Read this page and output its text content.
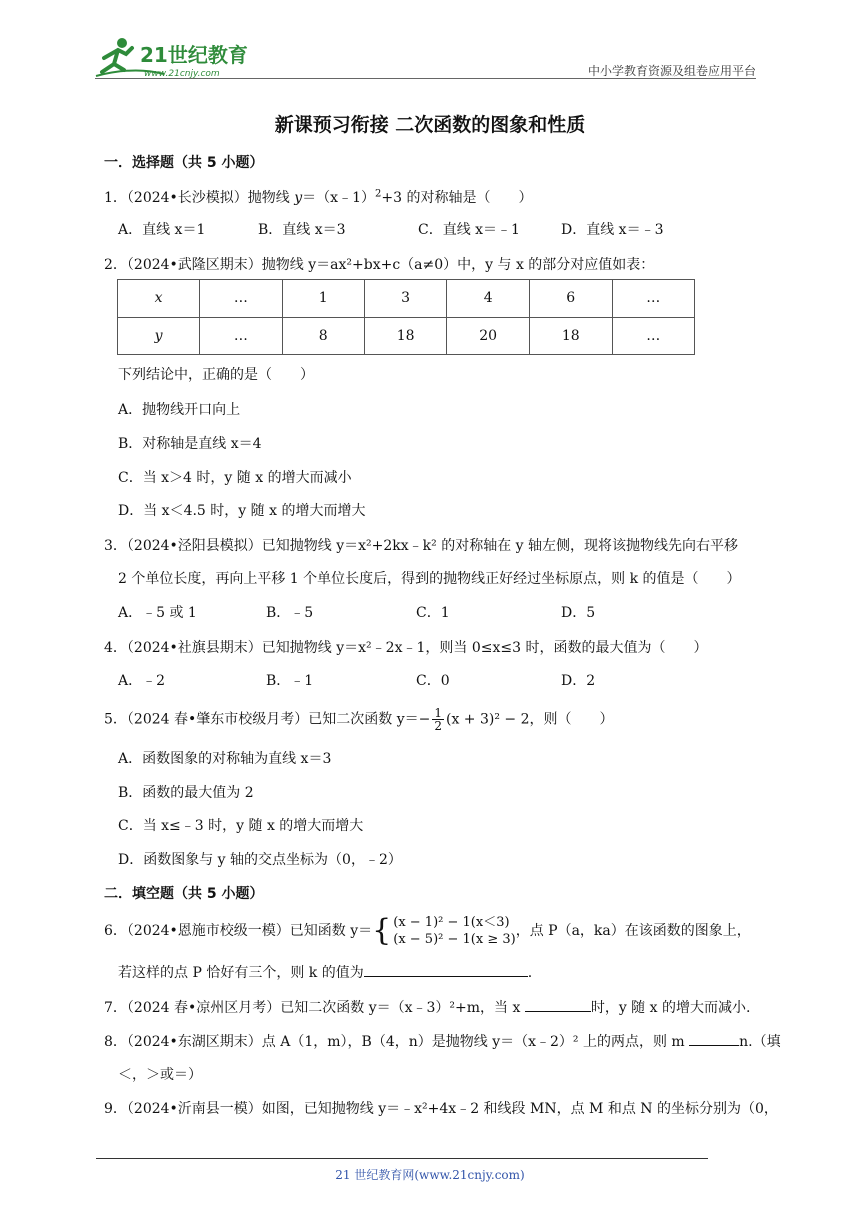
21世纪教育
www.21cnjy.com	中小学教育资源及组卷应用平台
新课预习衔接 二次函数的图象和性质
一．选择题（共 5 小题）
1．（2024•长沙模拟）抛物线 y＝（x﹣1）$^2$+3 的对称轴是（　　）
A．直线 x＝1	B．直线 x＝3	C．直线 x＝﹣1	D．直线 x＝﹣3
2．（2024•武隆区期末）抛物线 y＝ax²+bx+c（a≠0）中，y 与 x 的部分对应值如表：
x	…	1	3	4	6	…
y	…	8	18	20	18	…
下列结论中，正确的是（　　）
A．抛物线开口向上
B．对称轴是直线 x＝4
C．当 x＞4 时，y 随 x 的增大而减小
D．当 x＜4.5 时，y 随 x 的增大而增大
3．（2024•泾阳县模拟）已知抛物线 y＝x²+2kx﹣k² 的对称轴在 y 轴左侧，现将该抛物线先向右平移
2 个单位长度，再向上平移 1 个单位长度后，得到的抛物线正好经过坐标原点，则 k 的值是（　　）
A．﹣5 或 1	B．﹣5	C．1	D．5
4．（2024•社旗县期末）已知抛物线 y＝x²﹣2x﹣1，则当 0≤x≤3 时，函数的最大值为（　　）
A．﹣2	B．﹣1	C．0	D．2
5．（2024 春•肇东市校级月考）已知二次函数 $y=- \frac{1}{2} (x + 3)^2 - 2$，则（　　）
A．函数图象的对称轴为直线 x＝3
B．函数的最大值为 2
C．当 x≤﹣3 时，y 随 x 的增大而增大
D．函数图象与 y 轴的交点坐标为（0，﹣2）
二．填空题（共 5 小题）
6．（2024•恩施市校级一模）已知函数 y＝{ (x − 1)² − 1(x＜3)
(x − 5)² − 1(x ≥ 3)
，点 P（a，ka）在该函数的图象上，
若这样的点 P 恰好有三个，则 k 的值为	.
7．（2024 春•凉州区月考）已知二次函数 y＝（x﹣3）²+m，当 x	时，y 随 x 的增大而减小.
8．（2024•东湖区期末）点 A（1，m），B（4，n）是抛物线 y＝（x﹣2）² 上的两点，则 m	n.（填
＜，＞或＝）
9．（2024•沂南县一模）如图，已知抛物线 y＝﹣x²+4x﹣2 和线段 MN，点 M 和点 N 的坐标分别为（0，
21 世纪教育网(www.21cnjy.com)
